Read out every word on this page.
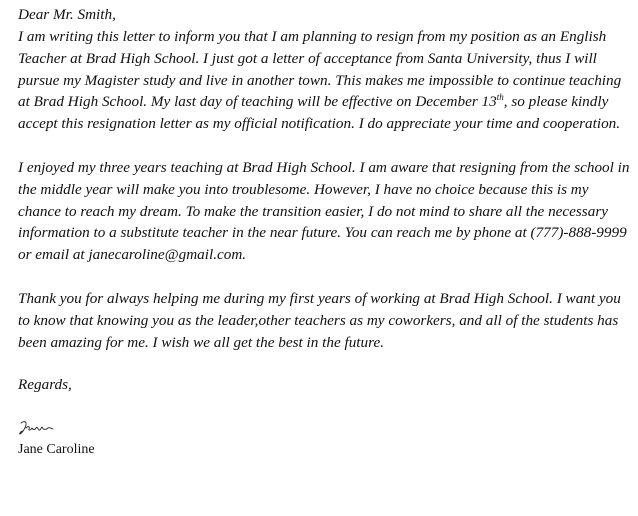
Dear Mr. Smith,

I am writing this letter to inform you that I am planning to resign from my position as an English Teacher at Brad High School. I just got a letter of acceptance from Santa University, thus I will pursue my Magister study and live in another town. This makes me impossible to continue teaching at Brad High School. My last day of teaching will be effective on December 13th, so please kindly accept this resignation letter as my official notification. I do appreciate your time and cooperation.

I enjoyed my three years teaching at Brad High School. I am aware that resigning from the school in the middle year will make you into troublesome. However, I have no choice because this is my chance to reach my dream. To make the transition easier, I do not mind to share all the necessary information to a substitute teacher in the near future. You can reach me by phone at (777)-888-9999 or email at janecaroline@gmail.com.

Thank you for always helping me during my first years of working at Brad High School. I want you to know that knowing you as the leader,other teachers as my coworkers, and all of the students has been amazing for me. I wish we all get the best in the future.

Regards,

Jane Caroline
